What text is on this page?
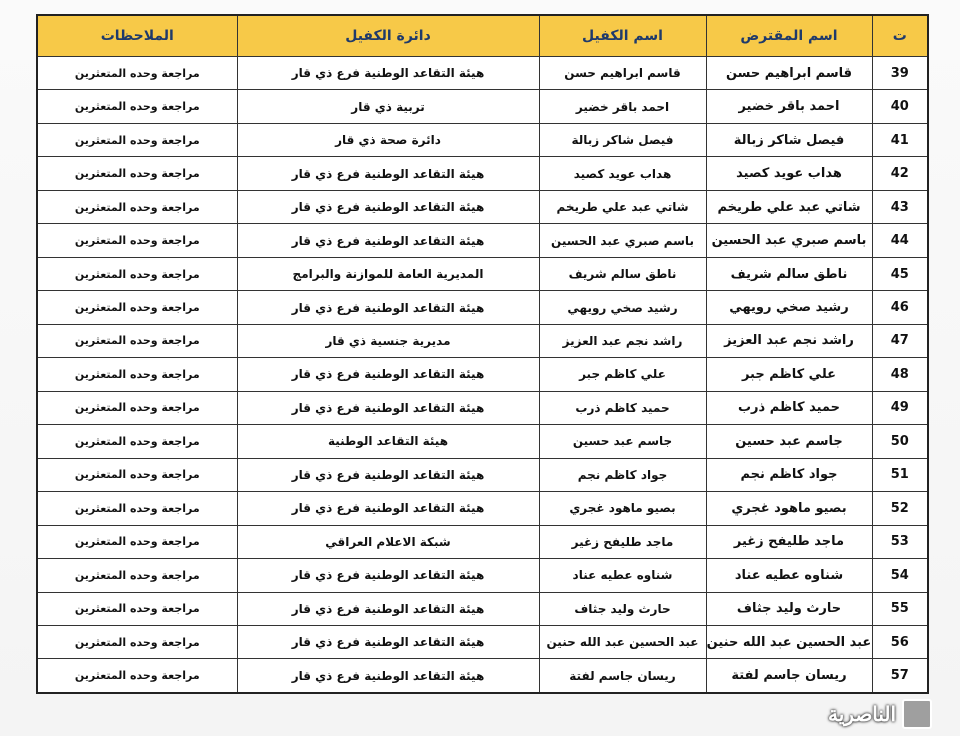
ت	اسم المقترض	اسم الكفيل	دائرة الكفيل	الملاحظات
39	قاسم ابراهيم حسن	قاسم ابراهيم حسن	هيئة التقاعد الوطنية فرع ذي قار	مراجعة وحده المتعثرين
40	احمد باقر خضير	احمد باقر خضير	تربية ذي قار	مراجعة وحده المتعثرين
41	فيصل شاكر زبالة	فيصل شاكر زبالة	دائرة صحة ذي قار	مراجعة وحده المتعثرين
42	هداب عويد كصيد	هداب عويد كصيد	هيئة التقاعد الوطنية فرع ذي قار	مراجعة وحده المتعثرين
43	شاتي عبد علي طريخم	شاتي عبد علي طريخم	هيئة التقاعد الوطنية فرع ذي قار	مراجعة وحده المتعثرين
44	باسم صبري عبد الحسين	باسم صبري عبد الحسين	هيئة التقاعد الوطنية فرع ذي قار	مراجعة وحده المتعثرين
45	ناطق سالم شريف	ناطق سالم شريف	المديرية العامة للموازنة والبرامج	مراجعة وحده المتعثرين
46	رشيد صخي رويهي	رشيد صخي رويهي	هيئة التقاعد الوطنية فرع ذي قار	مراجعة وحده المتعثرين
47	راشد نجم عبد العزيز	راشد نجم عبد العزيز	مديرية جنسية ذي قار	مراجعة وحده المتعثرين
48	علي كاظم جبر	علي كاظم جبر	هيئة التقاعد الوطنية فرع ذي قار	مراجعة وحده المتعثرين
49	حميد كاظم ذرب	حميد كاظم ذرب	هيئة التقاعد الوطنية فرع ذي قار	مراجعة وحده المتعثرين
50	جاسم عبد حسين	جاسم عبد حسين	هيئة التقاعد الوطنية	مراجعة وحده المتعثرين
51	جواد كاظم نجم	جواد كاظم نجم	هيئة التقاعد الوطنية فرع ذي قار	مراجعة وحده المتعثرين
52	بصيو ماهود غجري	بصيو ماهود غجري	هيئة التقاعد الوطنية فرع ذي قار	مراجعة وحده المتعثرين
53	ماجد طليفح زغير	ماجد طليفح زغير	شبكة الاعلام العراقي	مراجعة وحده المتعثرين
54	شناوه عطيه عناد	شناوه عطيه عناد	هيئة التقاعد الوطنية فرع ذي قار	مراجعة وحده المتعثرين
55	حارث وليد جثاف	حارث وليد جثاف	هيئة التقاعد الوطنية فرع ذي قار	مراجعة وحده المتعثرين
56	عبد الحسين عبد الله حنين	عبد الحسين عبد الله حنين	هيئة التقاعد الوطنية فرع ذي قار	مراجعة وحده المتعثرين
57	ريسان جاسم لفتة	ريسان جاسم لفتة	هيئة التقاعد الوطنية فرع ذي قار	مراجعة وحده المتعثرين
الناصرية
